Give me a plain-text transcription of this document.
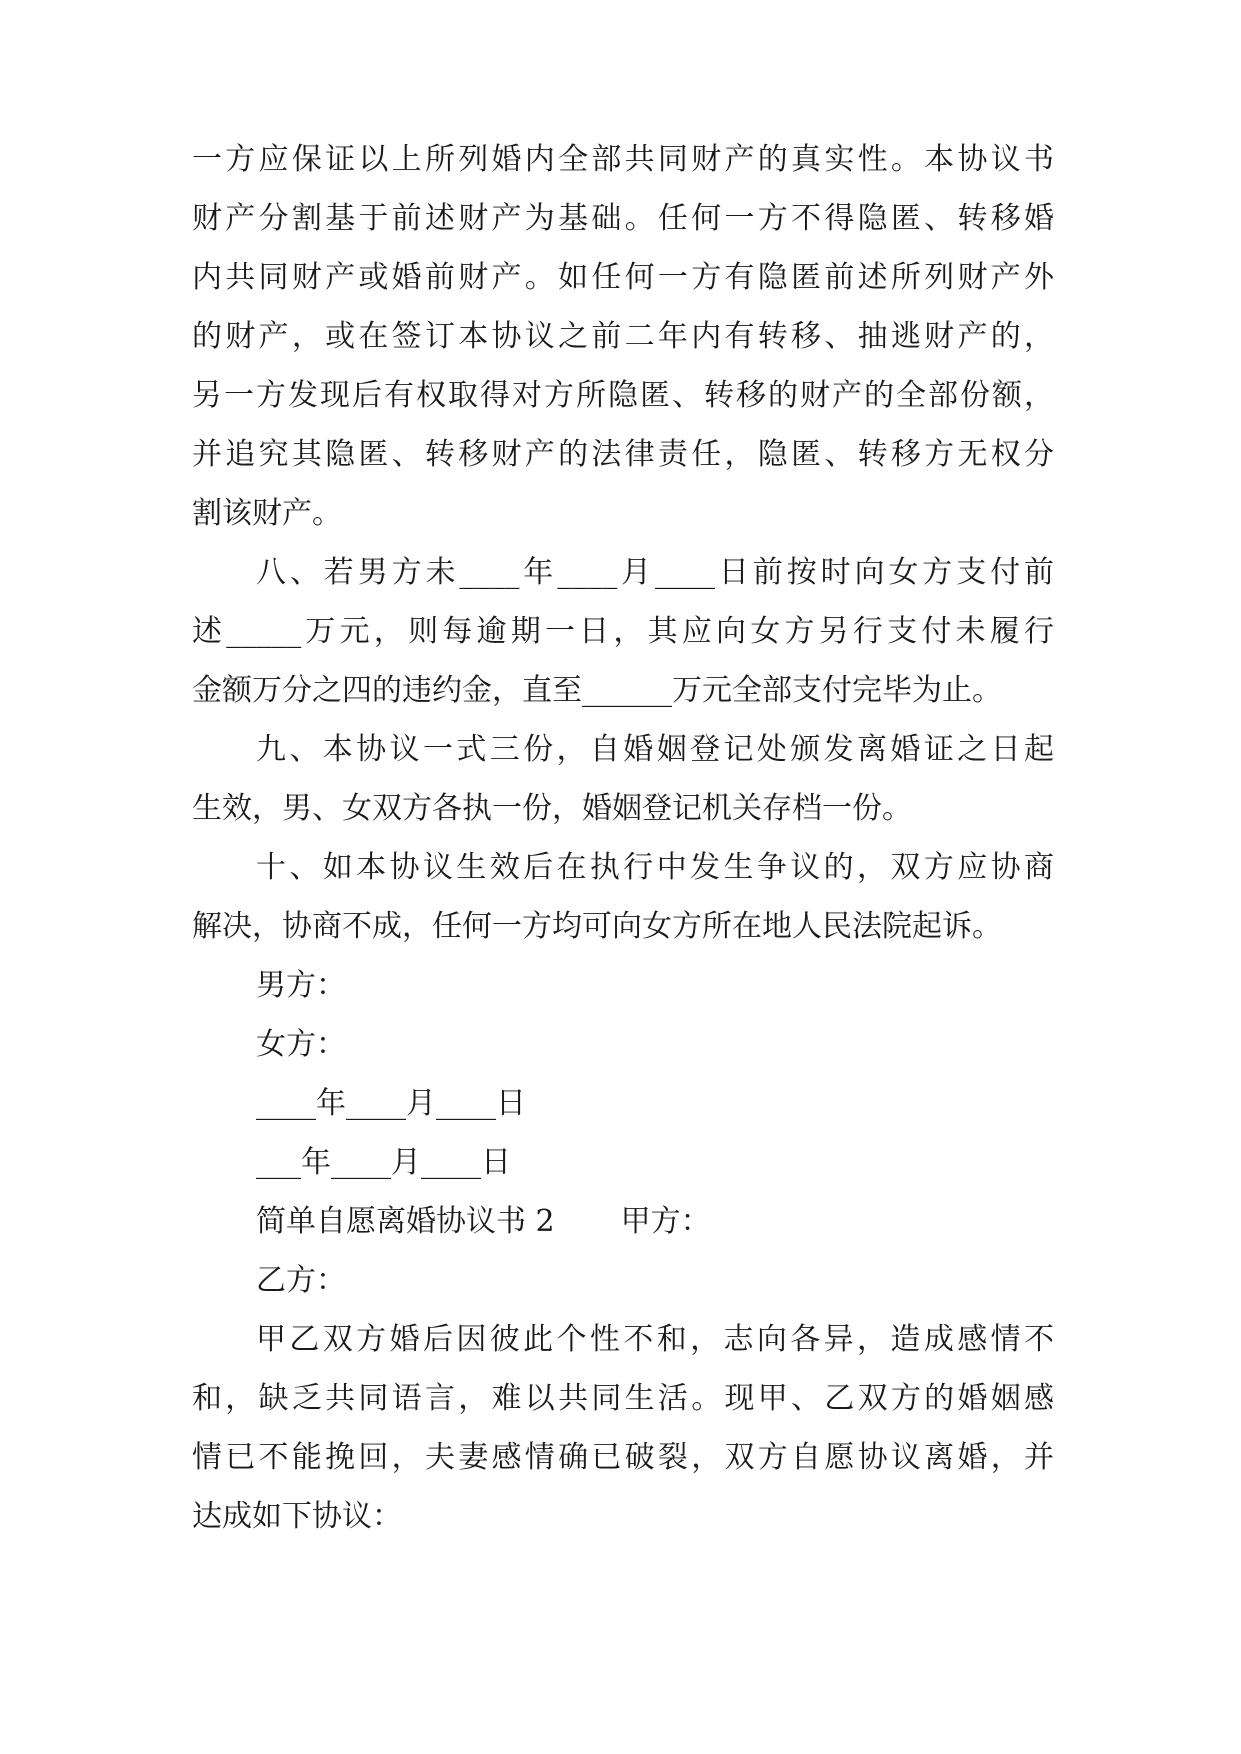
一方应保证以上所列婚内全部共同财产的真实性。本协议书
财产分割基于前述财产为基础。任何一方不得隐匿、转移婚
内共同财产或婚前财产。如任何一方有隐匿前述所列财产外
的财产，或在签订本协议之前二年内有转移、抽逃财产的，
另一方发现后有权取得对方所隐匿、转移的财产的全部份额，
并追究其隐匿、转移财产的法律责任，隐匿、转移方无权分
割该财产。
八、若男方未____年____月____日前按时向女方支付前
述_____万元，则每逾期一日，其应向女方另行支付未履行
金额万分之四的违约金，直至______万元全部支付完毕为止。
九、本协议一式三份，自婚姻登记处颁发离婚证之日起
生效，男、女双方各执一份，婚姻登记机关存档一份。
十、如本协议生效后在执行中发生争议的，双方应协商
解决，协商不成，任何一方均可向女方所在地人民法院起诉。
男方：
女方：
____年____月____日
___年____月____日
简单自愿离婚协议书 2 甲方：
乙方：
甲乙双方婚后因彼此个性不和，志向各异，造成感情不
和，缺乏共同语言，难以共同生活。现甲、乙双方的婚姻感
情已不能挽回，夫妻感情确已破裂，双方自愿协议离婚，并
达成如下协议：
